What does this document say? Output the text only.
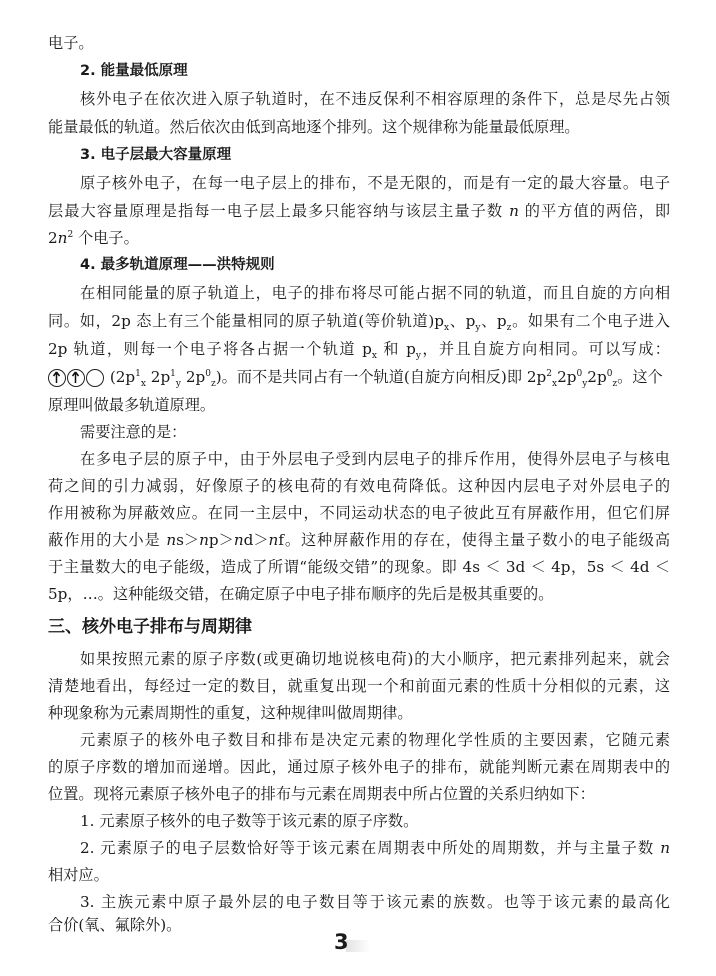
电子。
2. 能量最低原理
核外电子在依次进入原子轨道时，在不违反保利不相容原理的条件下，总是尽先占领
能量最低的轨道。然后依次由低到高地逐个排列。这个规律称为能量最低原理。
3. 电子层最大容量原理
原子核外电子，在每一电子层上的排布，不是无限的，而是有一定的最大容量。电子
层最大容量原理是指每一电子层上最多只能容纳与该层主量子数 n 的平方值的两倍，即
$2n^2$ 个电子。
4. 最多轨道原理——洪特规则
在相同能量的原子轨道上，电子的排布将尽可能占据不同的轨道，而且自旋的方向相
同。如，2p 态上有三个能量相同的原子轨道(等价轨道)$p_x$、$p_y$、$p_z$。如果有二个电子进入
2p 轨道，则每一个电子将各占据一个轨道 $p_x$ 和 $p_y$，并且自旋方向相同。可以写成：
($2p^1_x$ $2p^1_y$ $2p^0_z$)。而不是共同占有一个轨道(自旋方向相反)即 $2p^2_x2p^0_y2p^0_z$。这个
原理叫做最多轨道原理。
需要注意的是：
在多电子层的原子中，由于外层电子受到内层电子的排斥作用，使得外层电子与核电
荷之间的引力减弱，好像原子的核电荷的有效电荷降低。这种因内层电子对外层电子的
作用被称为屏蔽效应。在同一主层中，不同运动状态的电子彼此互有屏蔽作用，但它们屏
蔽作用的大小是 ns＞np＞nd＞nf。这种屏蔽作用的存在，使得主量子数小的电子能级高
于主量数大的电子能级，造成了所谓“能级交错”的现象。即 4s ＜ 3d ＜ 4p，5s ＜ 4d ＜
5p，…。这种能级交错，在确定原子中电子排布顺序的先后是极其重要的。
三、核外电子排布与周期律
如果按照元素的原子序数(或更确切地说核电荷)的大小顺序，把元素排列起来，就会
清楚地看出，每经过一定的数目，就重复出现一个和前面元素的性质十分相似的元素，这
种现象称为元素周期性的重复，这种规律叫做周期律。
元素原子的核外电子数目和排布是决定元素的物理化学性质的主要因素，它随元素
的原子序数的增加而递增。因此，通过原子核外电子的排布，就能判断元素在周期表中的
位置。现将元素原子核外电子的排布与元素在周期表中所占位置的关系归纳如下：
1. 元素原子核外的电子数等于该元素的原子序数。
2. 元素原子的电子层数恰好等于该元素在周期表中所处的周期数，并与主量子数 n
相对应。
3. 主族元素中原子最外层的电子数目等于该元素的族数。也等于该元素的最高化
合价(氧、氟除外)。
3
